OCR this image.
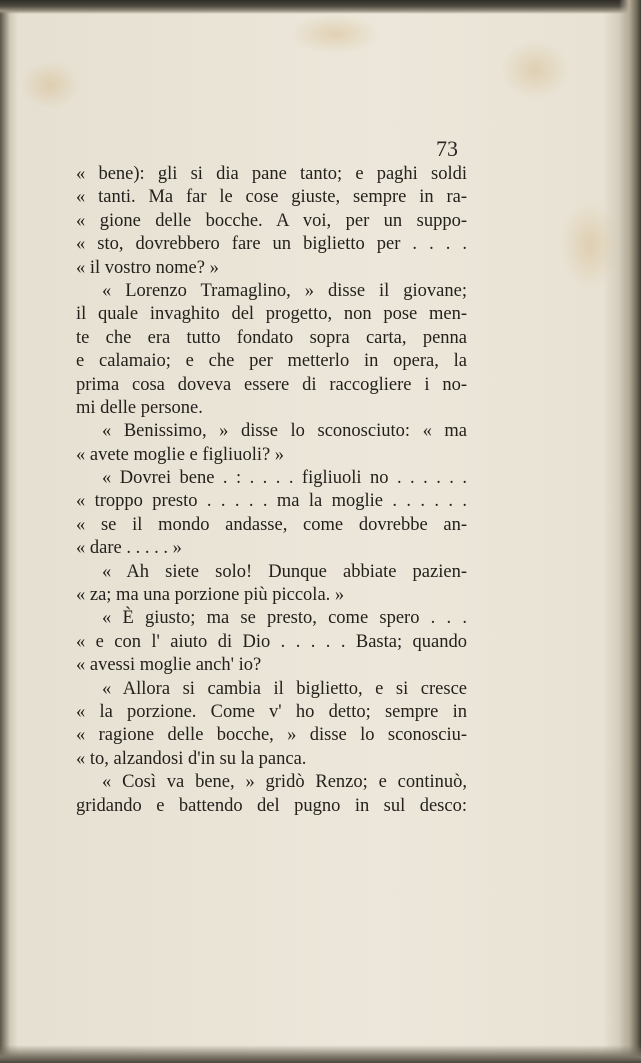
73
« bene): gli si dia pane tanto; e paghi soldi
« tanti. Ma far le cose giuste, sempre in ra-
« gione delle bocche. A voi, per un suppo-
« sto, dovrebbero fare un biglietto per . . . .
« il vostro nome? »
« Lorenzo Tramaglino, » disse il giovane;
il quale invaghito del progetto, non pose men-
te che era tutto fondato sopra carta, penna
e calamaio; e che per metterlo in opera, la
prima cosa doveva essere di raccogliere i no-
mi delle persone.
« Benissimo, » disse lo sconosciuto: « ma
« avete moglie e figliuoli? »
« Dovrei bene . : . . . . figliuoli no . . . . . .
« troppo presto . . . . . ma la moglie . . . . . .
« se il mondo andasse, come dovrebbe an-
« dare . . . . . »
« Ah siete solo! Dunque abbiate pazien-
« za; ma una porzione più piccola. »
« È giusto; ma se presto, come spero . . .
« e con l' aiuto di Dio . . . . . Basta; quando
« avessi moglie anch' io?
« Allora si cambia il biglietto, e si cresce
« la porzione. Come v' ho detto; sempre in
« ragione delle bocche, » disse lo sconosciu-
« to, alzandosi d'in su la panca.
« Così va bene, » gridò Renzo; e continuò,
gridando e battendo del pugno in sul desco:
